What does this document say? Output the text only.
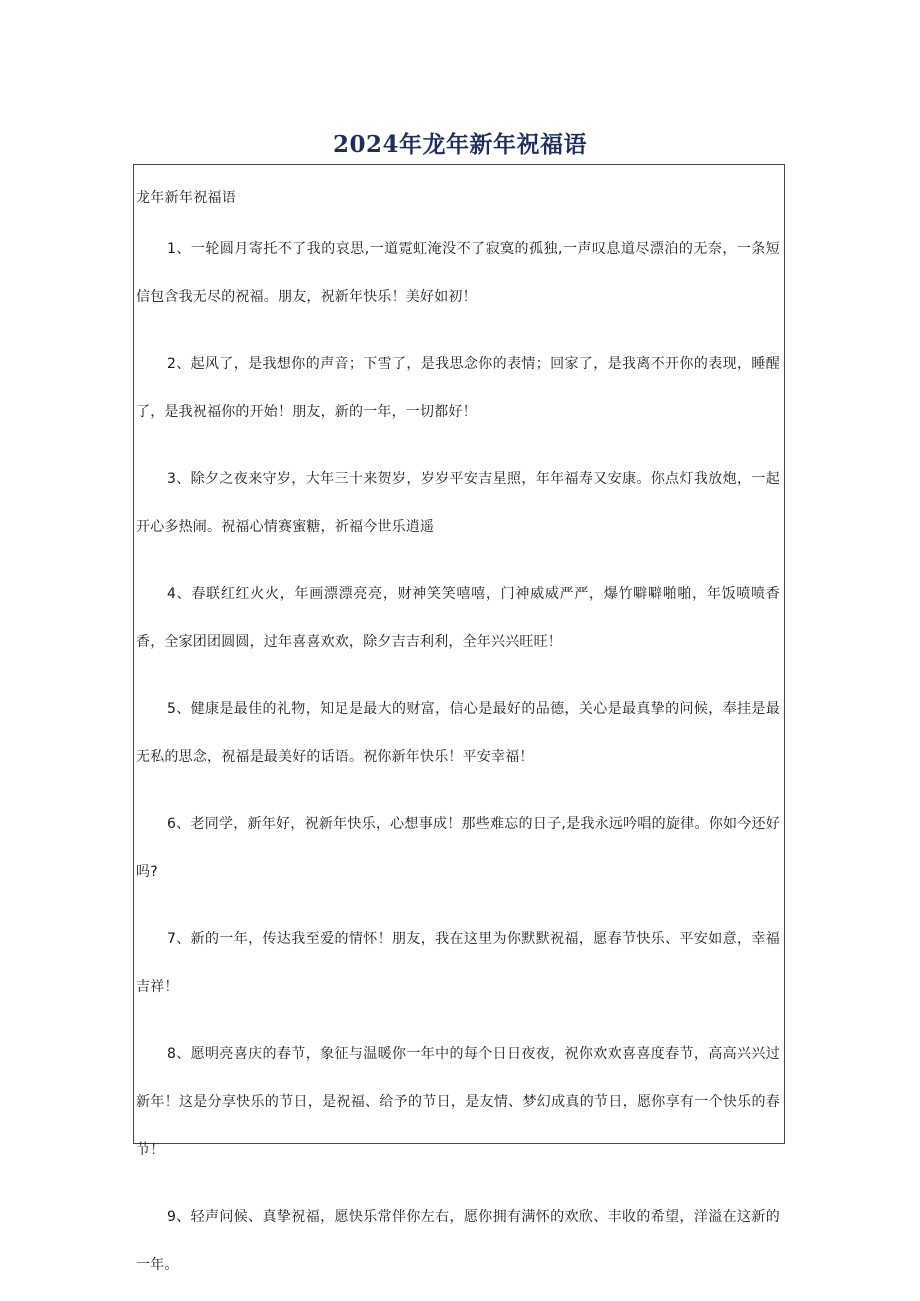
2024年龙年新年祝福语

龙年新年祝福语

1、一轮圆月寄托不了我的哀思,一道霓虹淹没不了寂寞的孤独,一声叹息道尽漂泊的无奈，一条短信包含我无尽的祝福。朋友，祝新年快乐！美好如初！

2、起风了，是我想你的声音；下雪了，是我思念你的表情；回家了，是我离不开你的表现，睡醒了，是我祝福你的开始！朋友，新的一年，一切都好！

3、除夕之夜来守岁，大年三十来贺岁，岁岁平安吉星照，年年福寿又安康。你点灯我放炮，一起开心多热闹。祝福心情赛蜜糖，祈福今世乐逍遥

4、春联红红火火，年画漂漂亮亮，财神笑笑嘻嘻，门神威威严严，爆竹噼噼啪啪，年饭喷喷香香，全家团团圆圆，过年喜喜欢欢，除夕吉吉利利，全年兴兴旺旺！

5、健康是最佳的礼物，知足是最大的财富，信心是最好的品德，关心是最真挚的问候，奉挂是最无私的思念，祝福是最美好的话语。祝你新年快乐！平安幸福！

6、老同学，新年好，祝新年快乐，心想事成！那些难忘的日子,是我永远吟唱的旋律。你如今还好吗?

7、新的一年，传达我至爱的情怀！朋友，我在这里为你默默祝福，愿春节快乐、平安如意，幸福吉祥！

8、愿明亮喜庆的春节，象征与温暖你一年中的每个日日夜夜，祝你欢欢喜喜度春节，高高兴兴过新年！这是分享快乐的节日，是祝福、给予的节日，是友情、梦幻成真的节日，愿你享有一个快乐的春节！

9、轻声问候、真挚祝福，愿快乐常伴你左右，愿你拥有满怀的欢欣、丰收的希望，洋溢在这新的一年。
